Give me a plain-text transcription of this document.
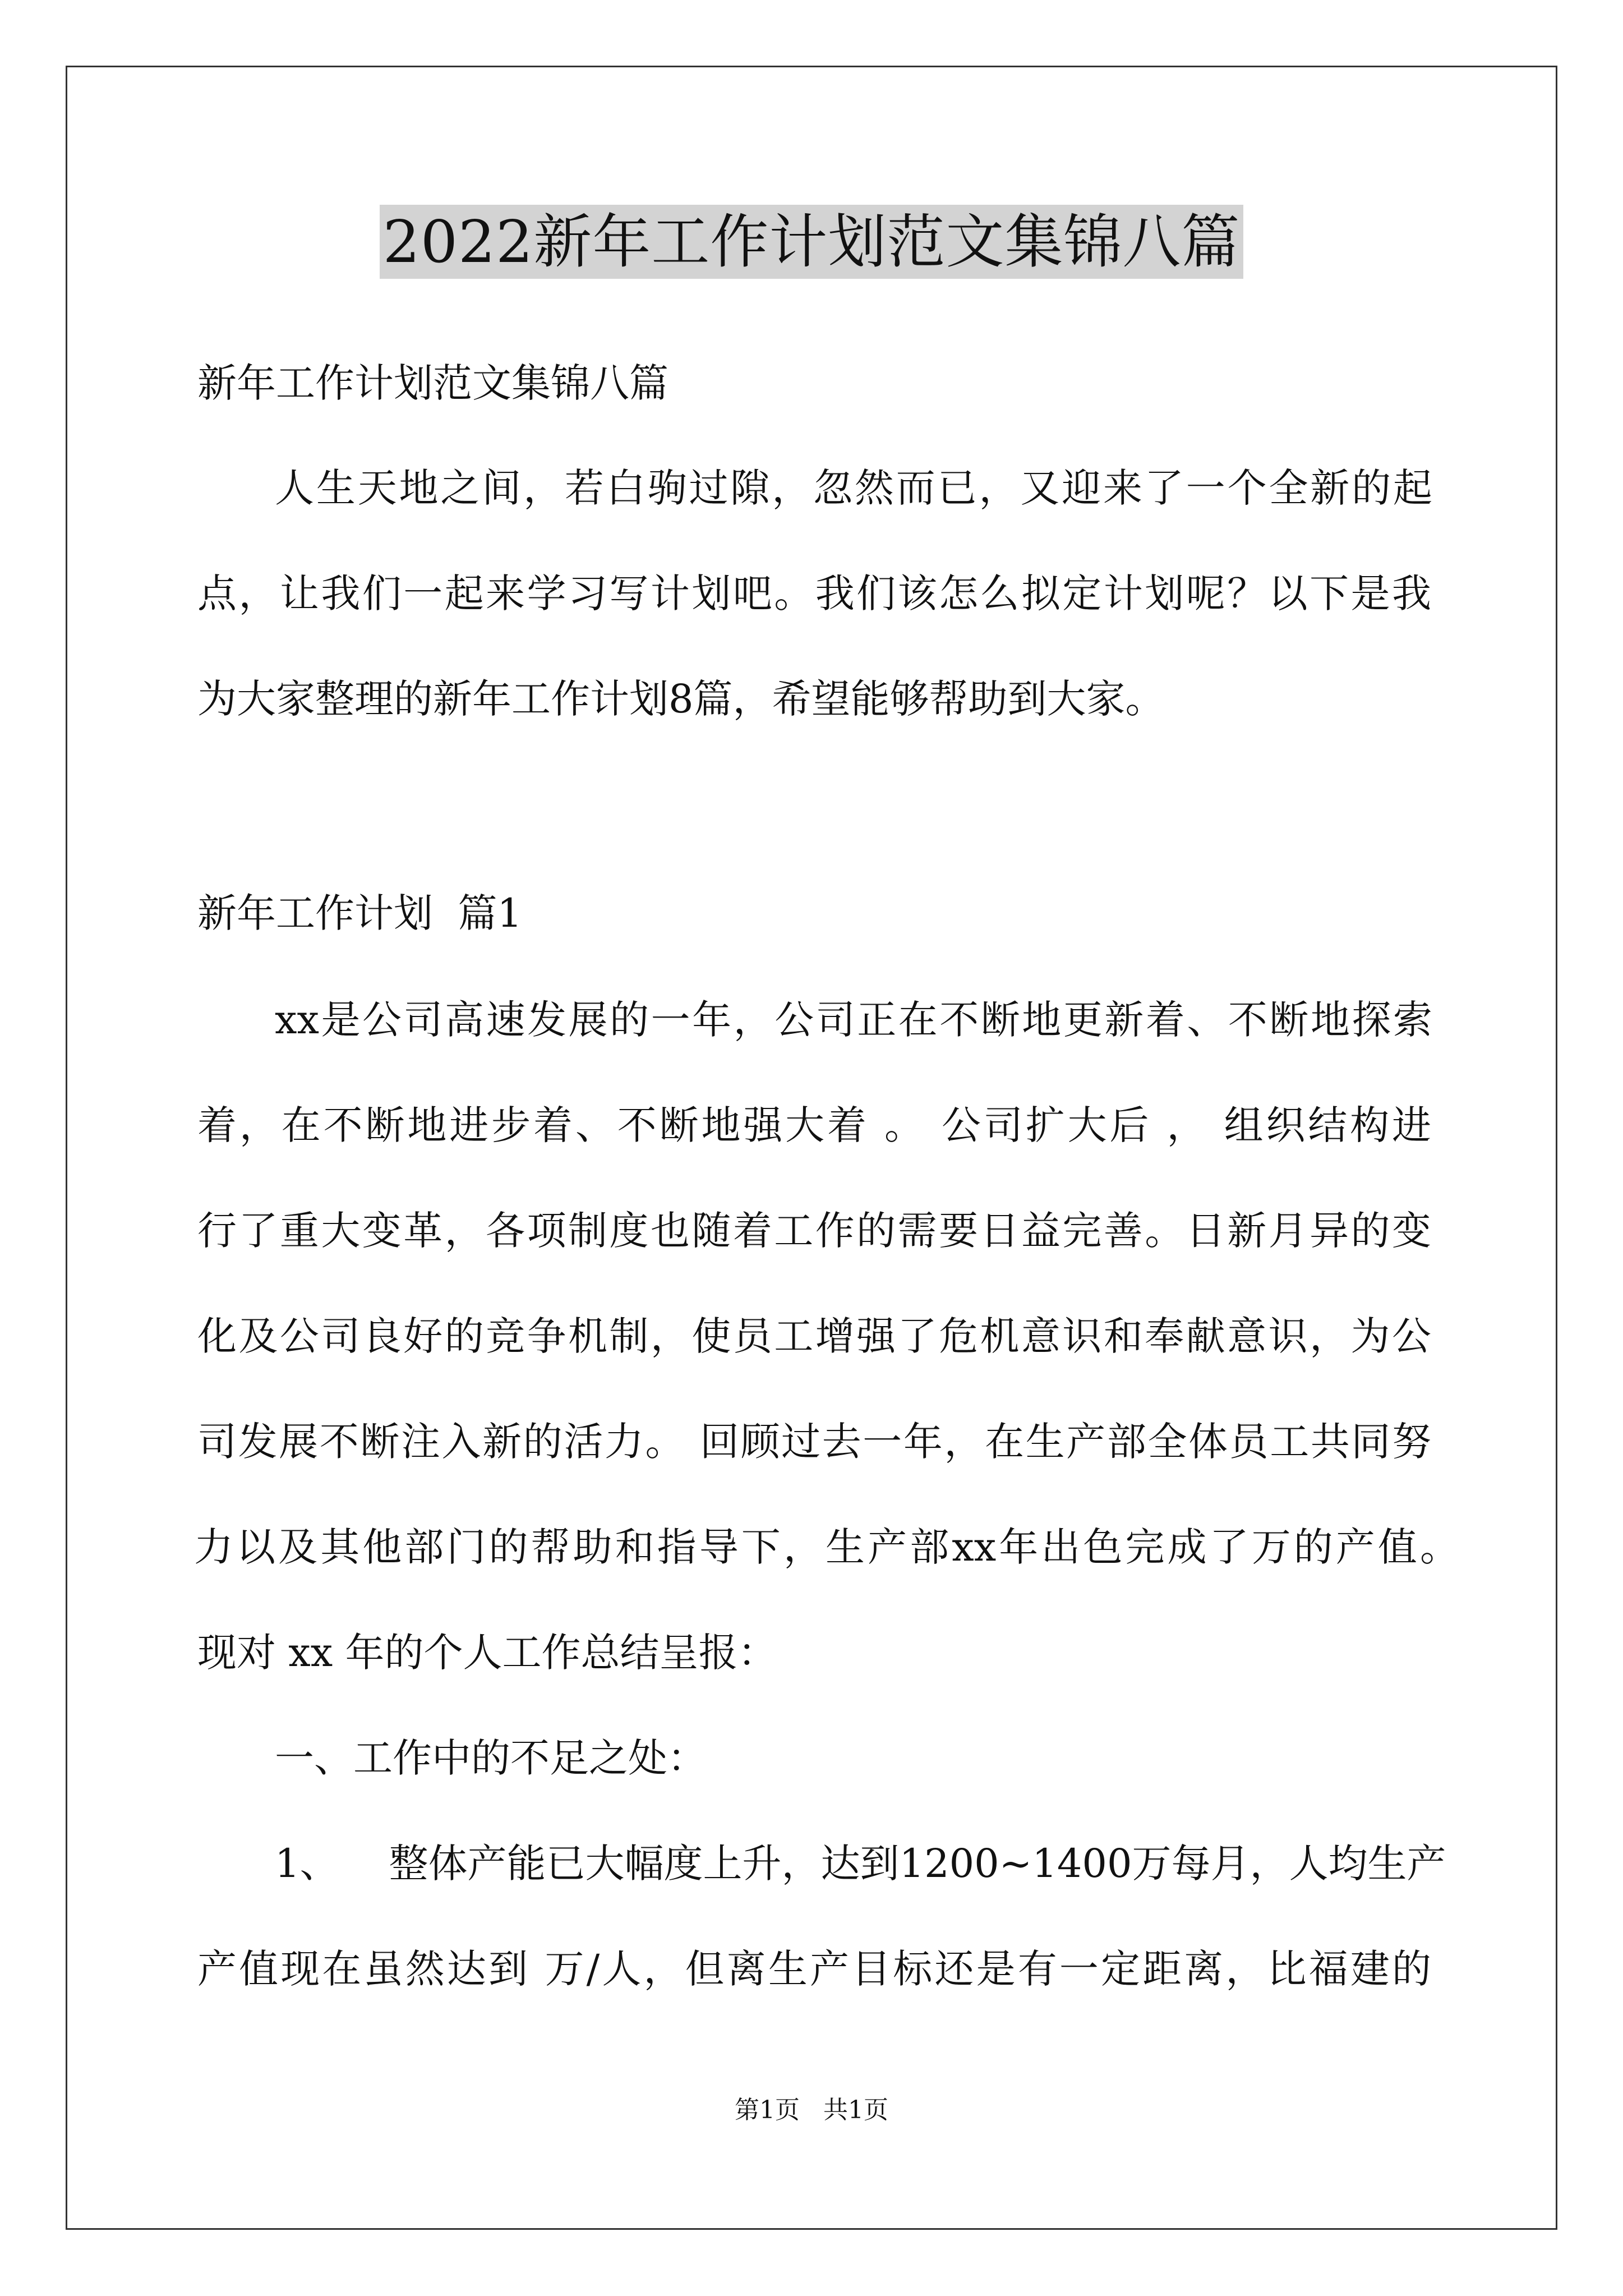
2022新年工作计划范文集锦八篇
新年工作计划范文集锦八篇
人生天地之间，若白驹过隙，忽然而已，又迎来了一个全新的起
点，让我们一起来学习写计划吧。我们该怎么拟定计划呢？以下是我
为大家整理的新年工作计划8篇，希望能够帮助到大家。
新年工作计划  篇1
xx是公司高速发展的一年，公司正在不断地更新着、不断地探索
着，在不断地进步着、不断地强大着 。 公司扩大后 ， 组织结构进
行了重大变革，各项制度也随着工作的需要日益完善。日新月异的变
化及公司良好的竞争机制，使员工增强了危机意识和奉献意识，为公
司发展不断注入新的活力。 回顾过去一年，在生产部全体员工共同努
力以及其他部门的帮助和指导下，生产部xx年出色完成了万的产值。
现对 xx 年的个人工作总结呈报：
一、工作中的不足之处：
1、    整体产能已大幅度上升，达到1200~1400万每月，人均生产
产值现在虽然达到 万/人，但离生产目标还是有一定距离，比福建的
第1页   共1页
